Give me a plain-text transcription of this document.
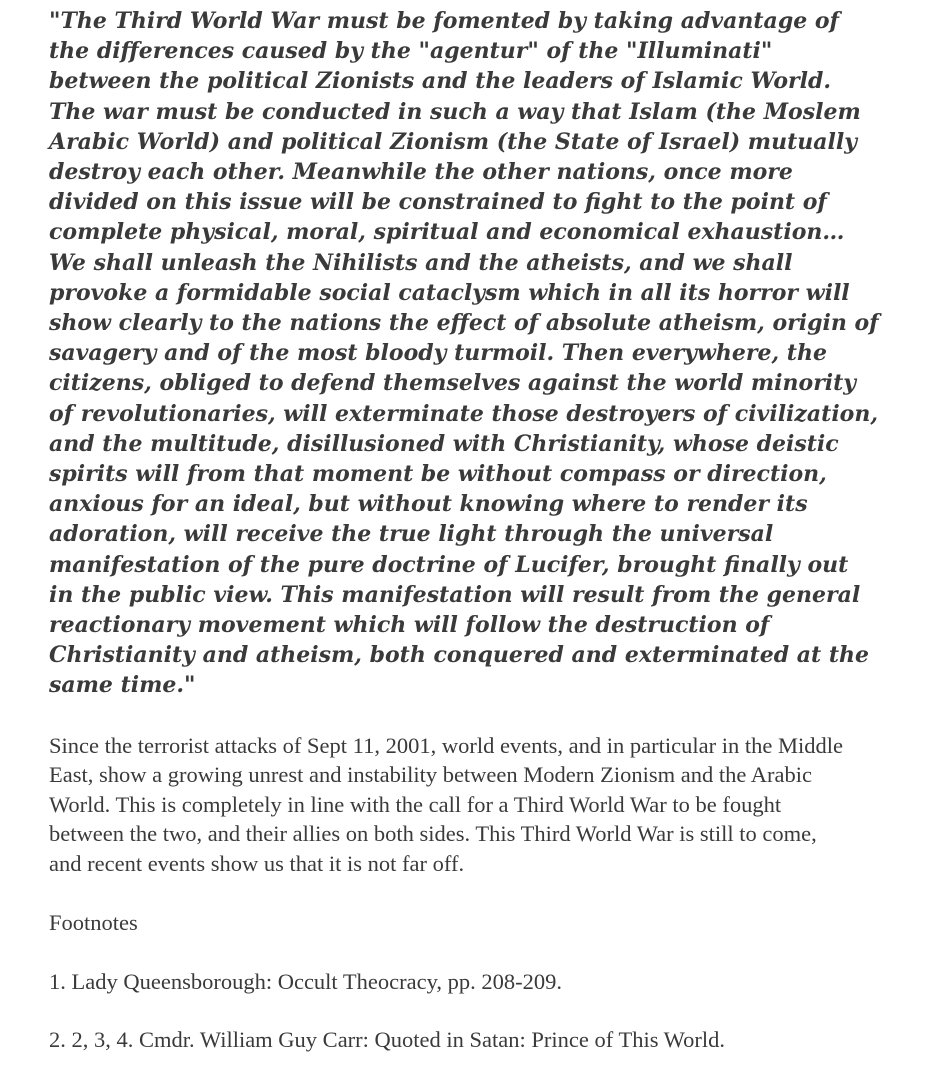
"The Third World War must be fomented by taking advantage of the differences caused by the "agentur" of the "Illuminati" between the political Zionists and the leaders of Islamic World. The war must be conducted in such a way that Islam (the Moslem Arabic World) and political Zionism (the State of Israel) mutually destroy each other. Meanwhile the other nations, once more divided on this issue will be constrained to fight to the point of complete physical, moral, spiritual and economical exhaustion…We shall unleash the Nihilists and the atheists, and we shall provoke a formidable social cataclysm which in all its horror will show clearly to the nations the effect of absolute atheism, origin of savagery and of the most bloody turmoil. Then everywhere, the citizens, obliged to defend themselves against the world minority of revolutionaries, will exterminate those destroyers of civilization, and the multitude, disillusioned with Christianity, whose deistic spirits will from that moment be without compass or direction, anxious for an ideal, but without knowing where to render its adoration, will receive the true light through the universal manifestation of the pure doctrine of Lucifer, brought finally out in the public view. This manifestation will result from the general reactionary movement which will follow the destruction of Christianity and atheism, both conquered and exterminated at the same time."

Since the terrorist attacks of Sept 11, 2001, world events, and in particular in the Middle East, show a growing unrest and instability between Modern Zionism and the Arabic World. This is completely in line with the call for a Third World War to be fought between the two, and their allies on both sides. This Third World War is still to come, and recent events show us that it is not far off.

Footnotes

1. Lady Queensborough: Occult Theocracy, pp. 208-209.

2. 2, 3, 4. Cmdr. William Guy Carr: Quoted in Satan: Prince of This World.
